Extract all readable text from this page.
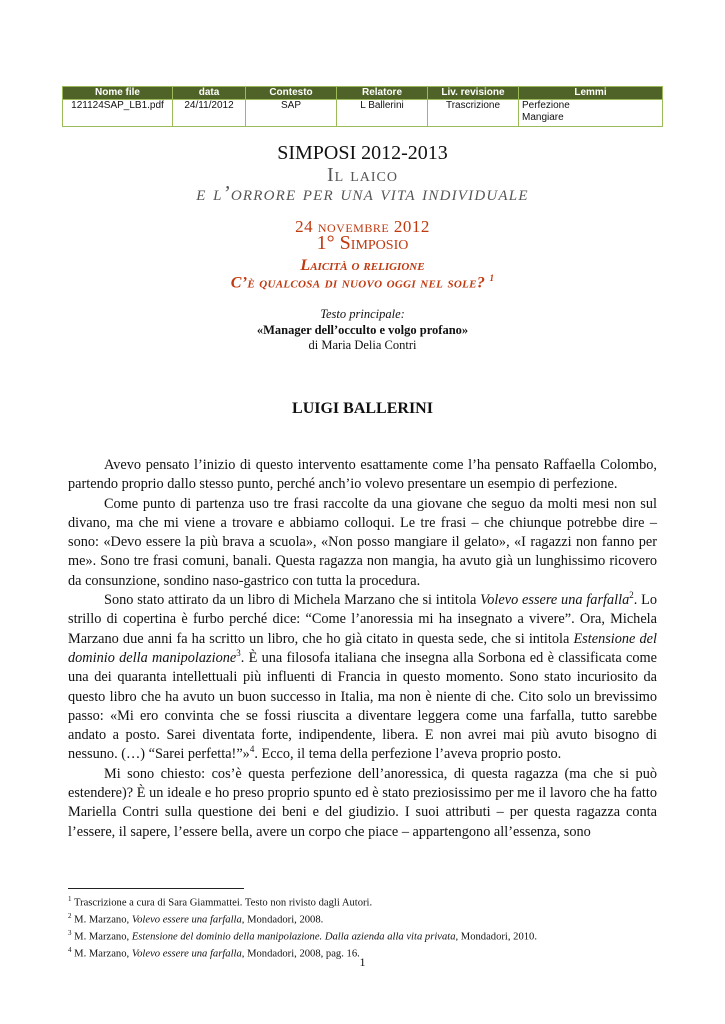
Nome file	data	Contesto	Relatore	Liv. revisione	Lemmi
121124SAP_LB1.pdf	24/11/2012	SAP	L Ballerini	Trascrizione	Perfezione
Mangiare
SIMPOSI 2012-2013
Il laico
e l’orrore per una vita individuale
24 novembre 2012
1° Simposio
Laicità o religione
C’è qualcosa di nuovo oggi nel sole? $^1$
Testo principale:
«Manager dell’occulto e volgo profano»
di Maria Delia Contri
LUIGI BALLERINI

Avevo pensato l’inizio di questo intervento esattamente come l’ha pensato Raffaella Colombo, partendo proprio dallo stesso punto, perché anch’io volevo presentare un esempio di perfezione.

Come punto di partenza uso tre frasi raccolte da una giovane che seguo da molti mesi non sul divano, ma che mi viene a trovare e abbiamo colloqui. Le tre frasi – che chiunque potrebbe dire – sono: «Devo essere la più brava a scuola», «Non posso mangiare il gelato», «I ragazzi non fanno per me». Sono tre frasi comuni, banali. Questa ragazza non mangia, ha avuto già un lunghissimo ricovero da consunzione, sondino naso-gastrico con tutta la procedura.

Sono stato attirato da un libro di Michela Marzano che si intitola Volevo essere una farfalla$^2$. Lo strillo di copertina è furbo perché dice: “Come l’anoressia mi ha insegnato a vivere”. Ora, Michela Marzano due anni fa ha scritto un libro, che ho già citato in questa sede, che si intitola Estensione del dominio della manipolazione$^3$. È una filosofa italiana che insegna alla Sorbona ed è classificata come una dei quaranta intellettuali più influenti di Francia in questo momento. Sono stato incuriosito da questo libro che ha avuto un buon successo in Italia, ma non è niente di che. Cito solo un brevissimo passo: «Mi ero convinta che se fossi riuscita a diventare leggera come una farfalla, tutto sarebbe andato a posto. Sarei diventata forte, indipendente, libera. E non avrei mai più avuto bisogno di nessuno. (…) “Sarei perfetta!”»$^4$. Ecco, il tema della perfezione l’aveva proprio posto.

Mi sono chiesto: cos’è questa perfezione dell’anoressica, di questa ragazza (ma che si può estendere)? È un ideale e ho preso proprio spunto ed è stato preziosissimo per me il lavoro che ha fatto Mariella Contri sulla questione dei beni e del giudizio. I suoi attributi – per questa ragazza conta l’essere, il sapere, l’essere bella, avere un corpo che piace – appartengono all’essenza, sono

$^1$ Trascrizione a cura di Sara Giammattei. Testo non rivisto dagli Autori.
$^2$ M. Marzano, Volevo essere una farfalla, Mondadori, 2008.
$^3$ M. Marzano, Estensione del dominio della manipolazione. Dalla azienda alla vita privata, Mondadori, 2010.
$^4$ M. Marzano, Volevo essere una farfalla, Mondadori, 2008, pag. 16.
1
